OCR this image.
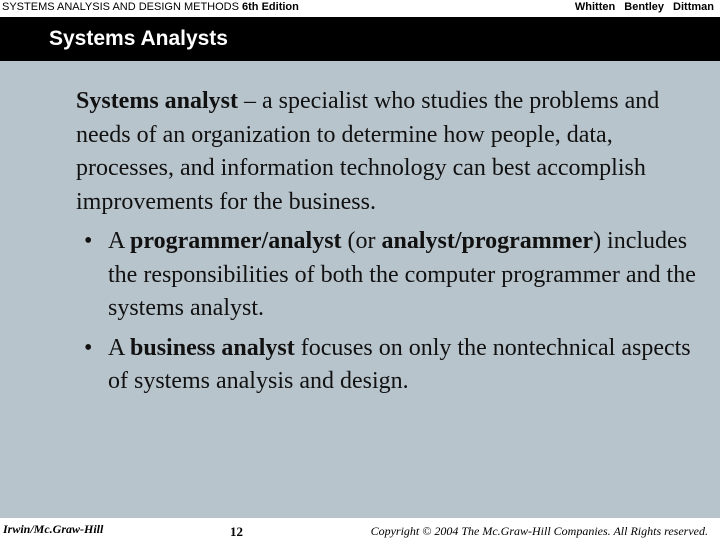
SYSTEMS ANALYSIS AND DESIGN METHODS 6th Edition	Whitten Bentley Dittman
Systems Analysts

Systems analyst – a specialist who studies the problems and needs of an organization to determine how people, data, processes, and information technology can best accomplish improvements for the business.

• A programmer/analyst (or analyst/programmer) includes the responsibilities of both the computer programmer and the systems analyst.
• A business analyst focuses on only the nontechnical aspects of systems analysis and design.
Irwin/Mc.Graw-Hill	12	Copyright © 2004 The Mc.Graw-Hill Companies. All Rights reserved.
